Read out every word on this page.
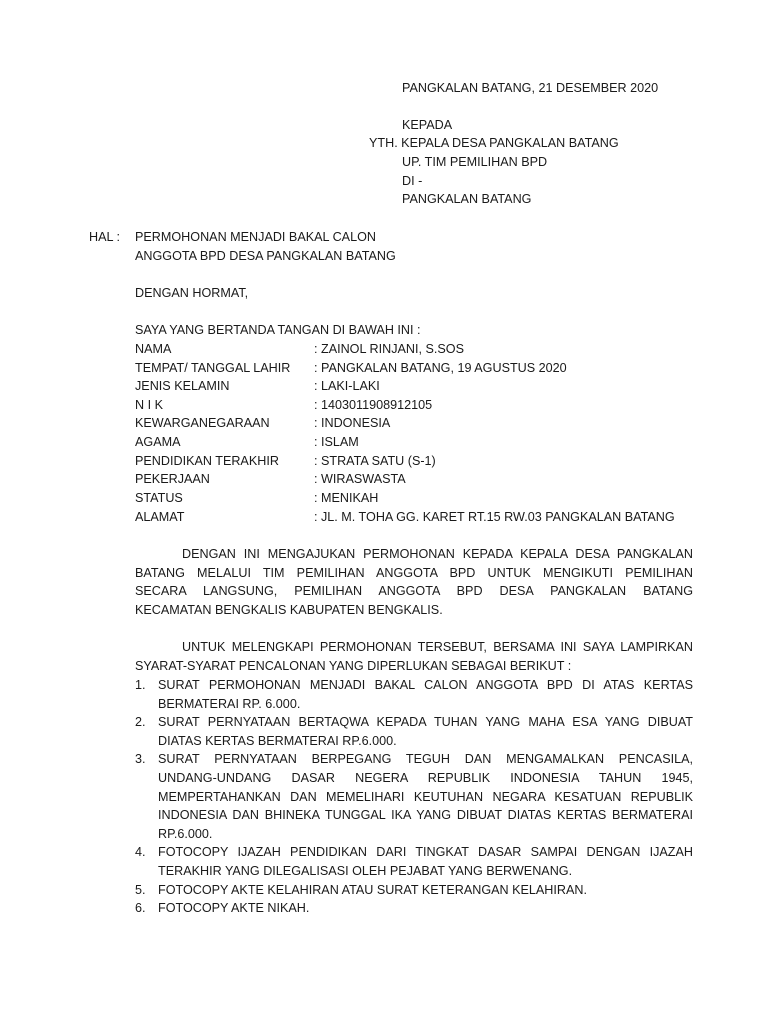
PANGKALAN BATANG, 21 DESEMBER 2020
KEPADA
YTH. KEPALA DESA PANGKALAN BATANG
UP. TIM PEMILIHAN BPD
DI -
PANGKALAN BATANG
HAL : PERMOHONAN MENJADI BAKAL CALON
ANGGOTA BPD DESA PANGKALAN BATANG
DENGAN HORMAT,
SAYA YANG BERTANDA TANGAN DI BAWAH INI :
NAMA	: ZAINOL RINJANI, S.SOS
TEMPAT/ TANGGAL LAHIR : PANGKALAN BATANG, 19 AGUSTUS 2020
JENIS KELAMIN	: LAKI-LAKI
N I K	: 1403011908912105
KEWARGANEGARAAN	: INDONESIA
AGAMA	: ISLAM
PENDIDIKAN TERAKHIR	: STRATA SATU (S-1)
PEKERJAAN	: WIRASWASTA
STATUS	: MENIKAH
ALAMAT	: JL. M. TOHA GG. KARET RT.15 RW.03 PANGKALAN BATANG
DENGAN INI MENGAJUKAN PERMOHONAN KEPADA KEPALA DESA PANGKALAN
BATANG MELALUI TIM PEMILIHAN ANGGOTA BPD UNTUK MENGIKUTI PEMILIHAN
SECARA LANGSUNG, PEMILIHAN ANGGOTA BPD DESA PANGKALAN BATANG
KECAMATAN BENGKALIS KABUPATEN BENGKALIS.
UNTUK MELENGKAPI PERMOHONAN TERSEBUT, BERSAMA INI SAYA LAMPIRKAN
SYARAT-SYARAT PENCALONAN YANG DIPERLUKAN SEBAGAI BERIKUT :
1. SURAT PERMOHONAN MENJADI BAKAL CALON ANGGOTA BPD DI ATAS KERTAS
BERMATERAI RP. 6.000.
2. SURAT PERNYATAAN BERTAQWA KEPADA TUHAN YANG MAHA ESA YANG DIBUAT
DIATAS KERTAS BERMATERAI RP.6.000.
3. SURAT PERNYATAAN BERPEGANG TEGUH DAN MENGAMALKAN PENCASILA,
UNDANG-UNDANG DASAR NEGERA REPUBLIK INDONESIA TAHUN 1945,
MEMPERTAHANKAN DAN MEMELIHARI KEUTUHAN NEGARA KESATUAN REPUBLIK
INDONESIA DAN BHINEKA TUNGGAL IKA YANG DIBUAT DIATAS KERTAS BERMATERAI
RP.6.000.
4. FOTOCOPY IJAZAH PENDIDIKAN DARI TINGKAT DASAR SAMPAI DENGAN IJAZAH
TERAKHIR YANG DILEGALISASI OLEH PEJABAT YANG BERWENANG.
5. FOTOCOPY AKTE KELAHIRAN ATAU SURAT KETERANGAN KELAHIRAN.
6. FOTOCOPY AKTE NIKAH.
